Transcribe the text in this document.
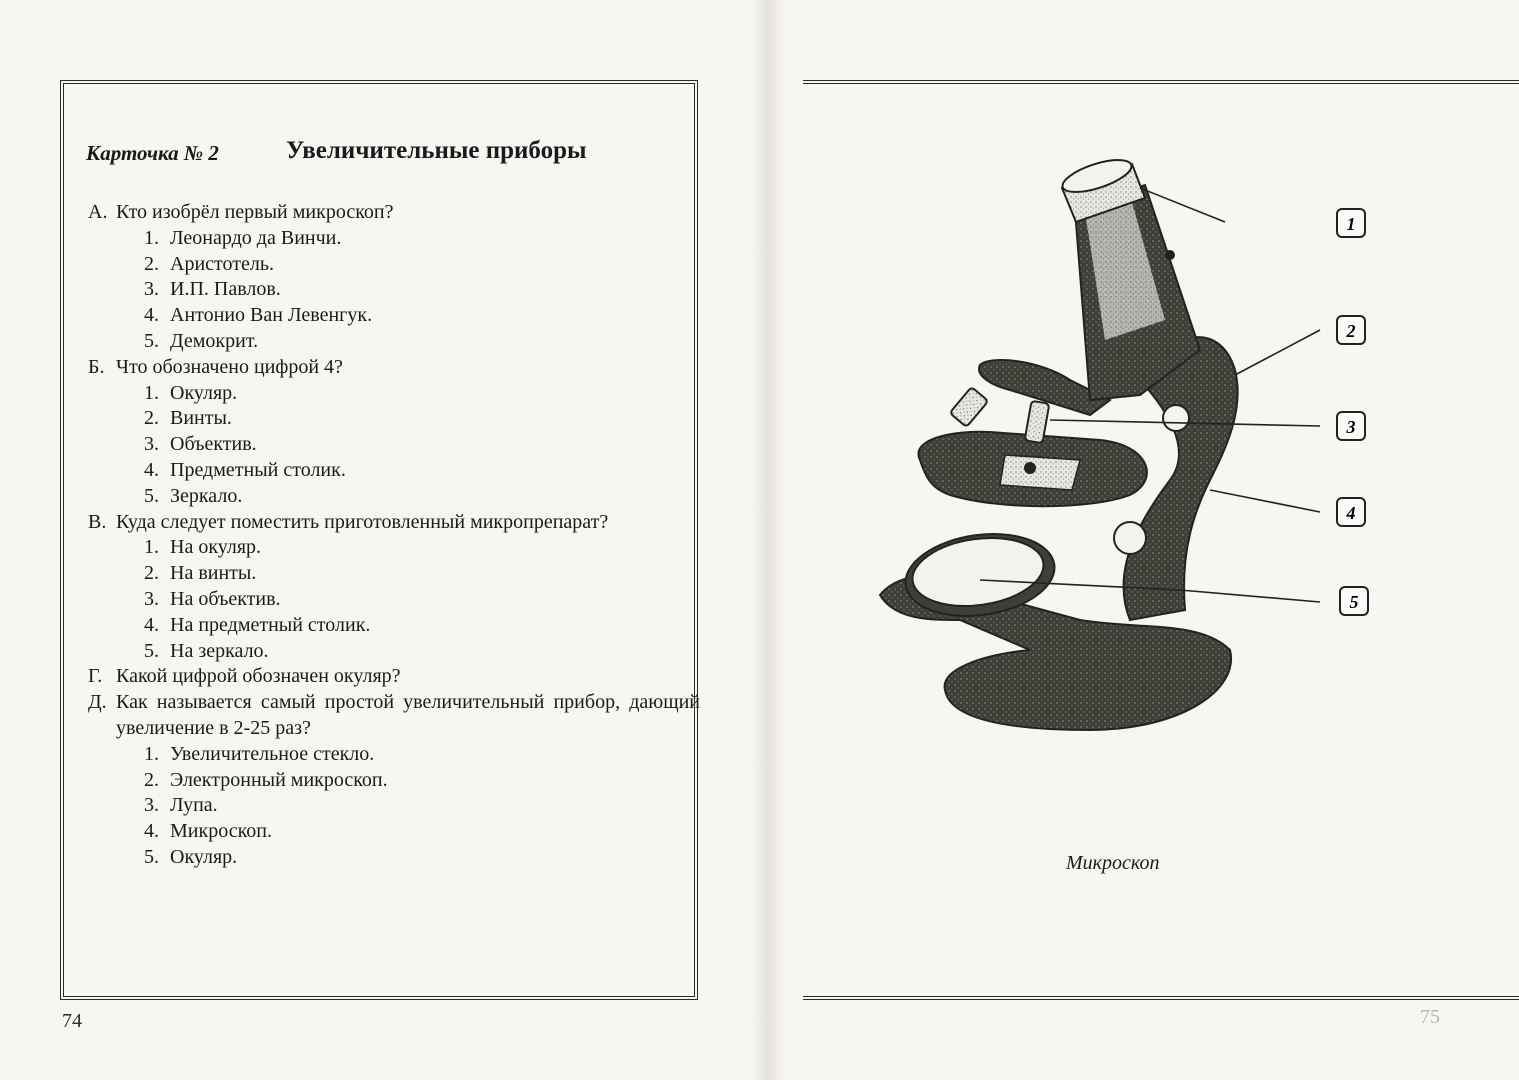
Карточка № 2	Увеличительные приборы
А. Кто изобрёл первый микроскоп?
1. Леонардо да Винчи.
2. Аристотель.
3. И.П. Павлов.
4. Антонио Ван Левенгук.
5. Демокрит.
Б. Что обозначено цифрой 4?
1. Окуляр.
2. Винты.
3. Объектив.
4. Предметный столик.
5. Зеркало.
В. Куда следует поместить приготовленный микропрепарат?
1. На окуляр.
2. На винты.
3. На объектив.
4. На предметный столик.
5. На зеркало.
Г. Какой цифрой обозначен окуляр?
Д. Как называется самый простой увеличительный прибор, дающий увеличение в 2-25 раз?
1. Увеличительное стекло.
2. Электронный микроскоп.
3. Лупа.
4. Микроскоп.
5. Окуляр.
74
1
2
3
4
5
Микроскоп
75
